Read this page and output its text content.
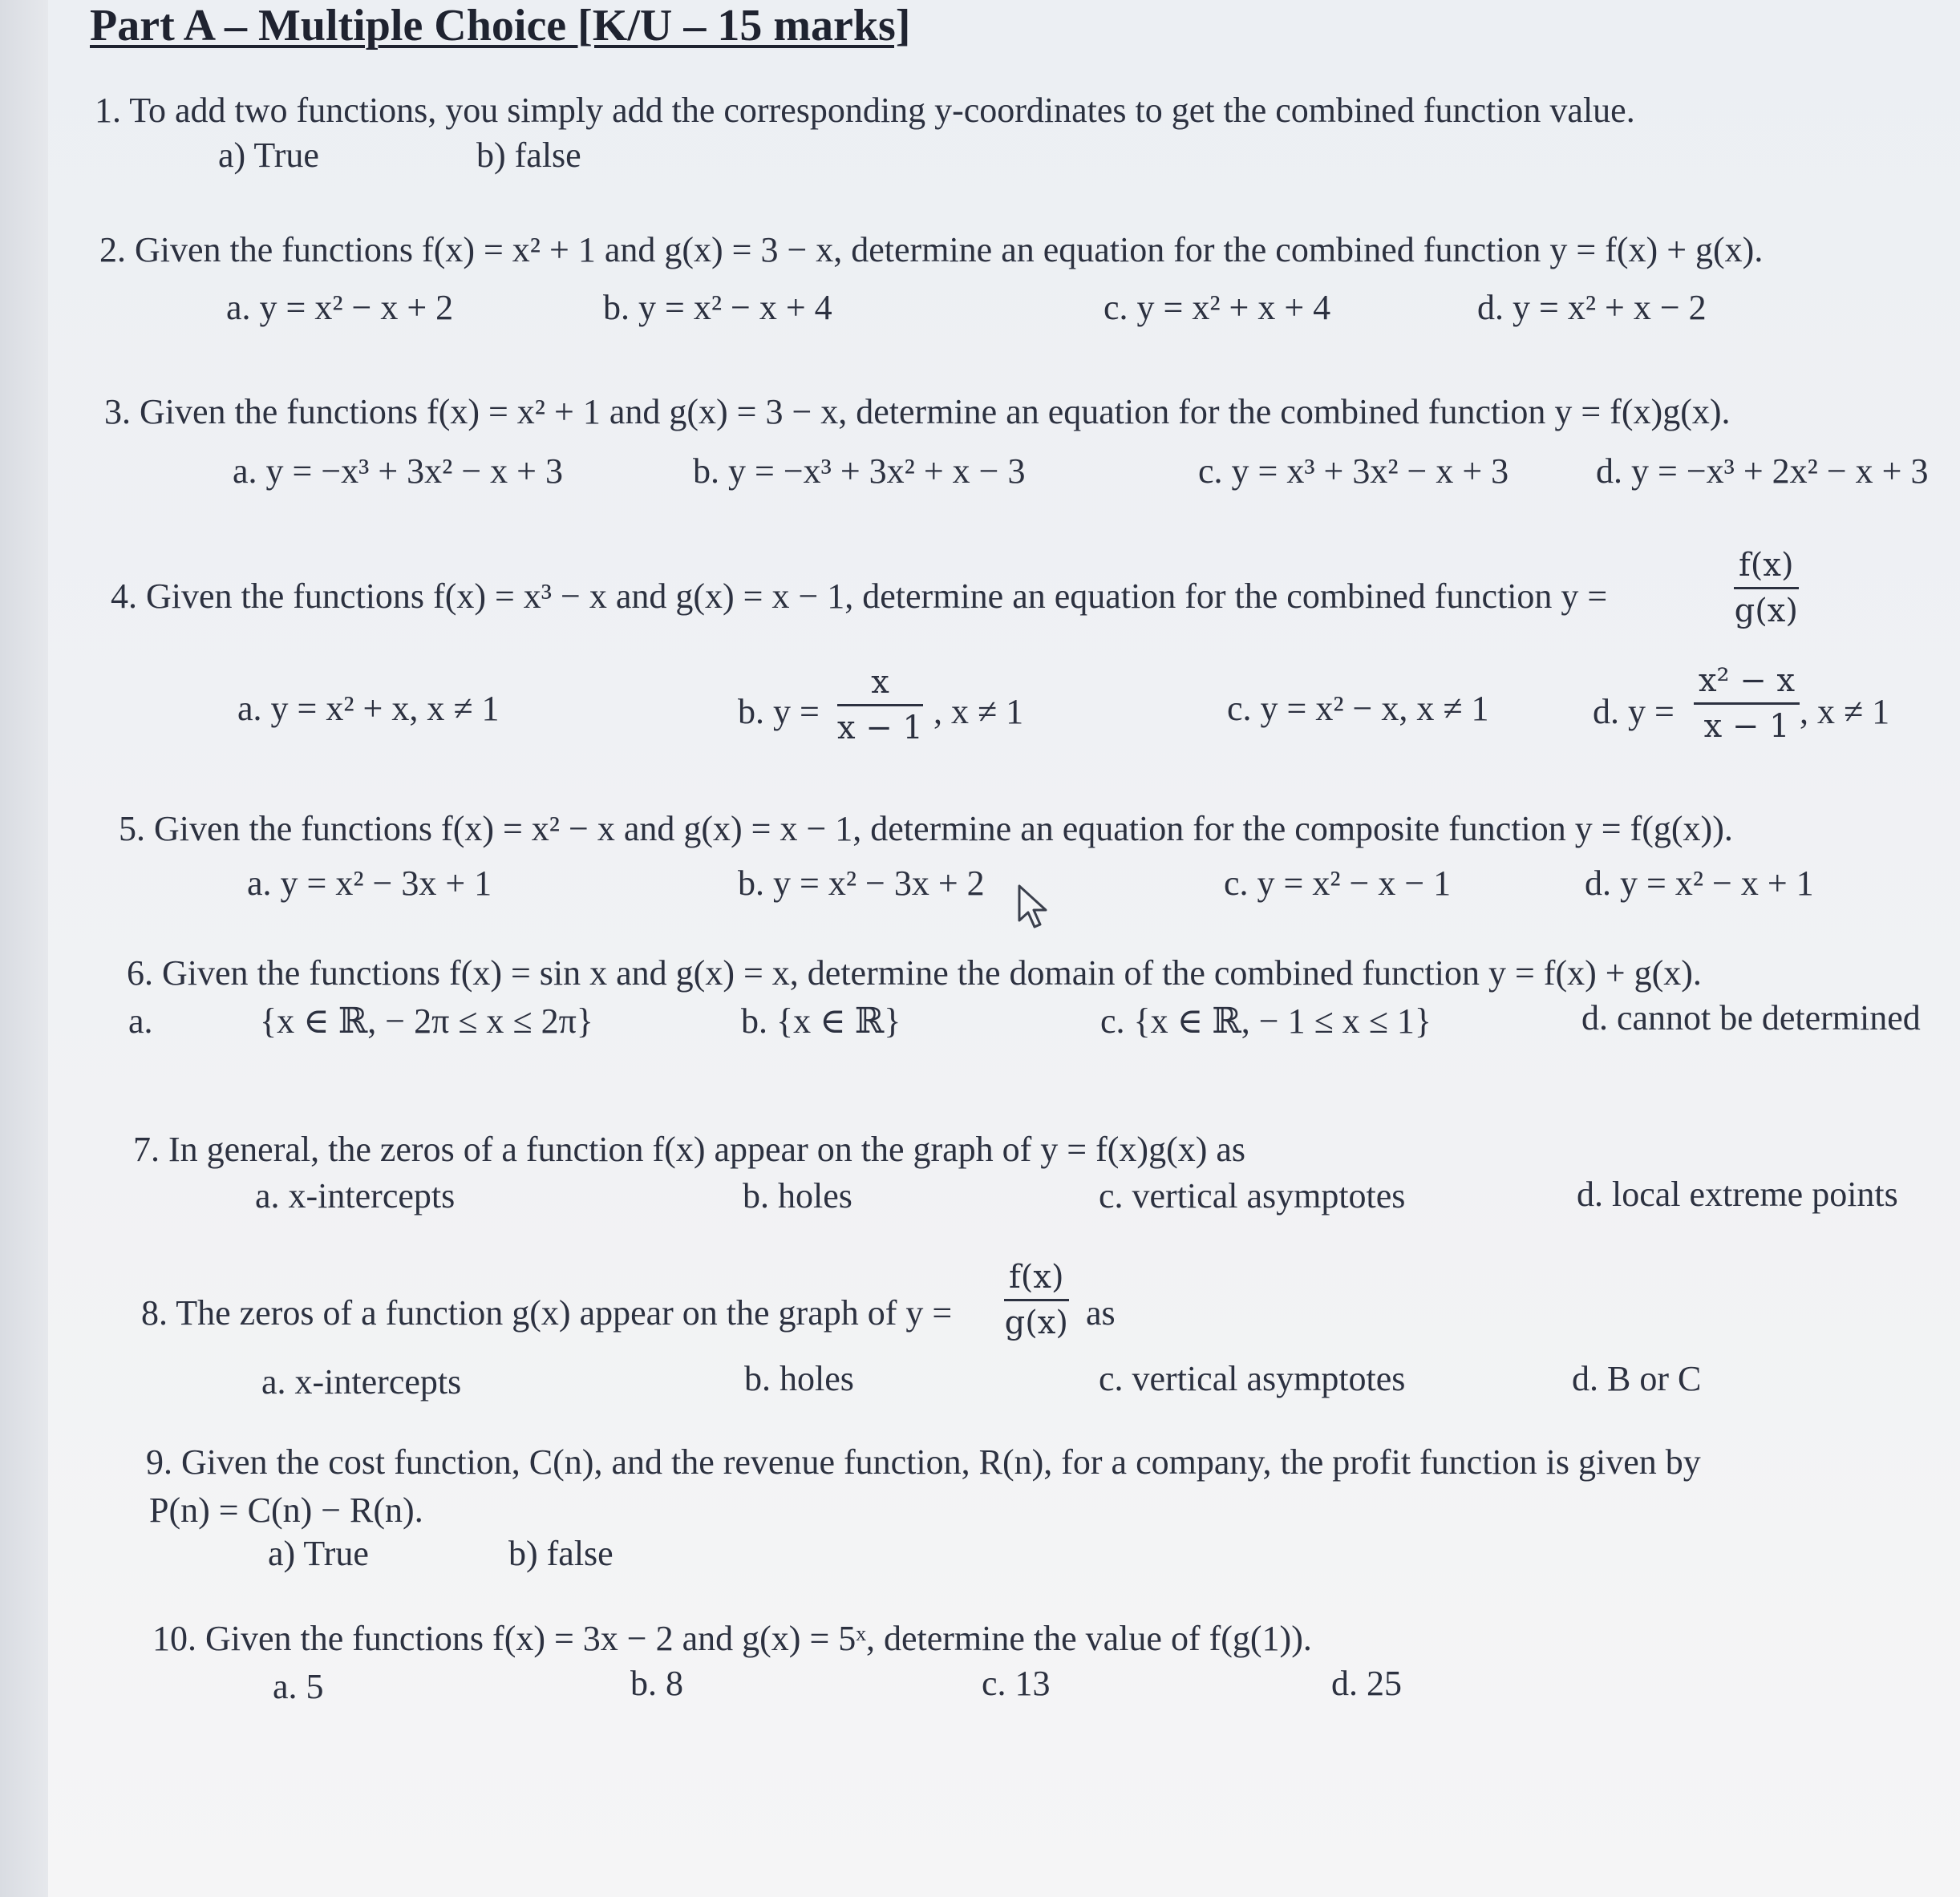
Part A – Multiple Choice [K/U – 15 marks]
1. To add two functions, you simply add the corresponding y-coordinates to get the combined function value.
a) True	b) false
2. Given the functions f(x) = x² + 1 and g(x) = 3 − x, determine an equation for the combined function y = f(x) + g(x).
a. y = x² − x + 2	b. y = x² − x + 4	c. y = x² + x + 4	d. y = x² + x − 2
3. Given the functions f(x) = x² + 1 and g(x) = 3 − x, determine an equation for the combined function y = f(x)g(x).
a. y = −x³ + 3x² − x + 3	b. y = −x³ + 3x² + x − 3	c. y = x³ + 3x² − x + 3 d. y = −x³ + 2x² − x + 3
4. Given the functions f(x) = x³ − x and g(x) = x − 1, determine an equation for the combined function y =	$\frac{f(x)}{g(x)}$
a. y = x² + x, x ≠ 1	b. $y = \frac{x}{x - 1}$ , x ≠ 1	c. y = x² − x, x ≠ 1	d. $y = \frac{\text{x² − x}}{x - 1}$ , x ≠ 1
5. Given the functions f(x) = x² − x and g(x) = x − 1, determine an equation for the composite function y = f(g(x)).
a. y = x² − 3x + 1	b. y = x² − 3x + 2	c. y = x² − x − 1	d. y = x² − x + 1
6. Given the functions f(x) = sin x and g(x) = x, determine the domain of the combined function y = f(x) + g(x).
a.	{x ∈ ℝ, − 2π ≤ x ≤ 2π}	b. {x ∈ ℝ}	c. {x ∈ ℝ, − 1 ≤ x ≤ 1}	d. cannot be determined
7. In general, the zeros of a function f(x) appear on the graph of y = f(x)g(x) as
a. x-intercepts	b. holes	c. vertical asymptotes	d. local extreme points
8. The zeros of a function g(x) appear on the graph of $y = \frac{f(x)}{g(x)}$ as
a. x-intercepts	b. holes	c. vertical asymptotes	d. B or C
9. Given the cost function, C(n), and the revenue function, R(n), for a company, the profit function is given by
P(n) = C(n) − R(n).
a) True	b) false
10. Given the functions f(x) = 3x − 2 and g(x) = 5ˣ, determine the value of f(g(1)).
a. 5	b. 8	c. 13	d. 25
